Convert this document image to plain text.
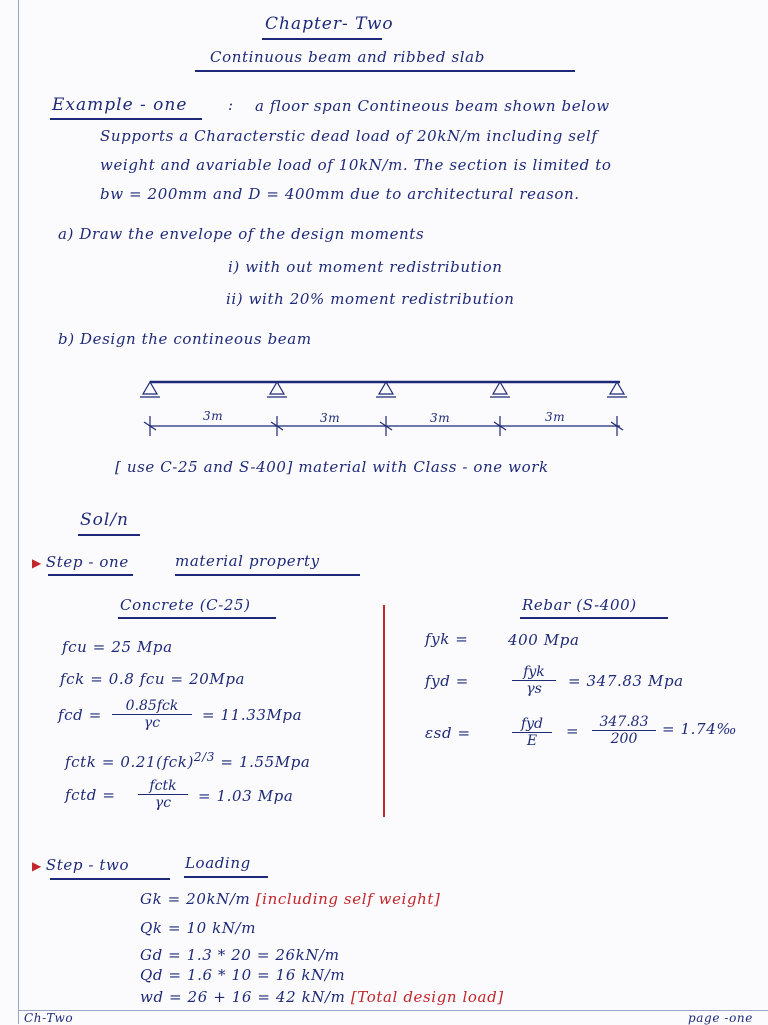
Chapter- Two
Continuous beam and ribbed slab
Example - one	: a floor span Contineous beam shown below
Supports a Characterstic dead load of 20kN/m including self
weight and avariable load of 10kN/m. The section is limited to
bw = 200mm and D = 400mm due to architectural reason.
a) Draw the envelope of the design moments
i) with out moment redistribution
ii) with 20% moment redistribution
b) Design the contineous beam
3m	3m	3m	3m
[ use C-25 and S-400] material with Class - one work
Sol/n
▶ Step - one	material property
Concrete (C-25)	Rebar (S-400)
fcu = 25 Mpa
fck = 0.8 fcu = 20Mpa
fcd =	0.85fck
γc	= 11.33Mpa
fctk = 0.21(fck)$^{2/3}$ = 1.55Mpa
fctd =	fctk
γc	= 1.03 Mpa
fyk =	400 Mpa
fyd =	fyk
γs	= 347.83 Mpa
εsd =	fyd
E
= $\frac{347.83}{200}$ = 1.74‰
▶ Step - two	Loading
Gk = 20kN/m [including self weight]
Qk = 10 kN/m
Gd = 1.3 * 20 = 26kN/m
Qd = 1.6 * 10 = 16 kN/m
wd = 26 + 16 = 42 kN/m [Total design load]
Ch-Two	page -one
